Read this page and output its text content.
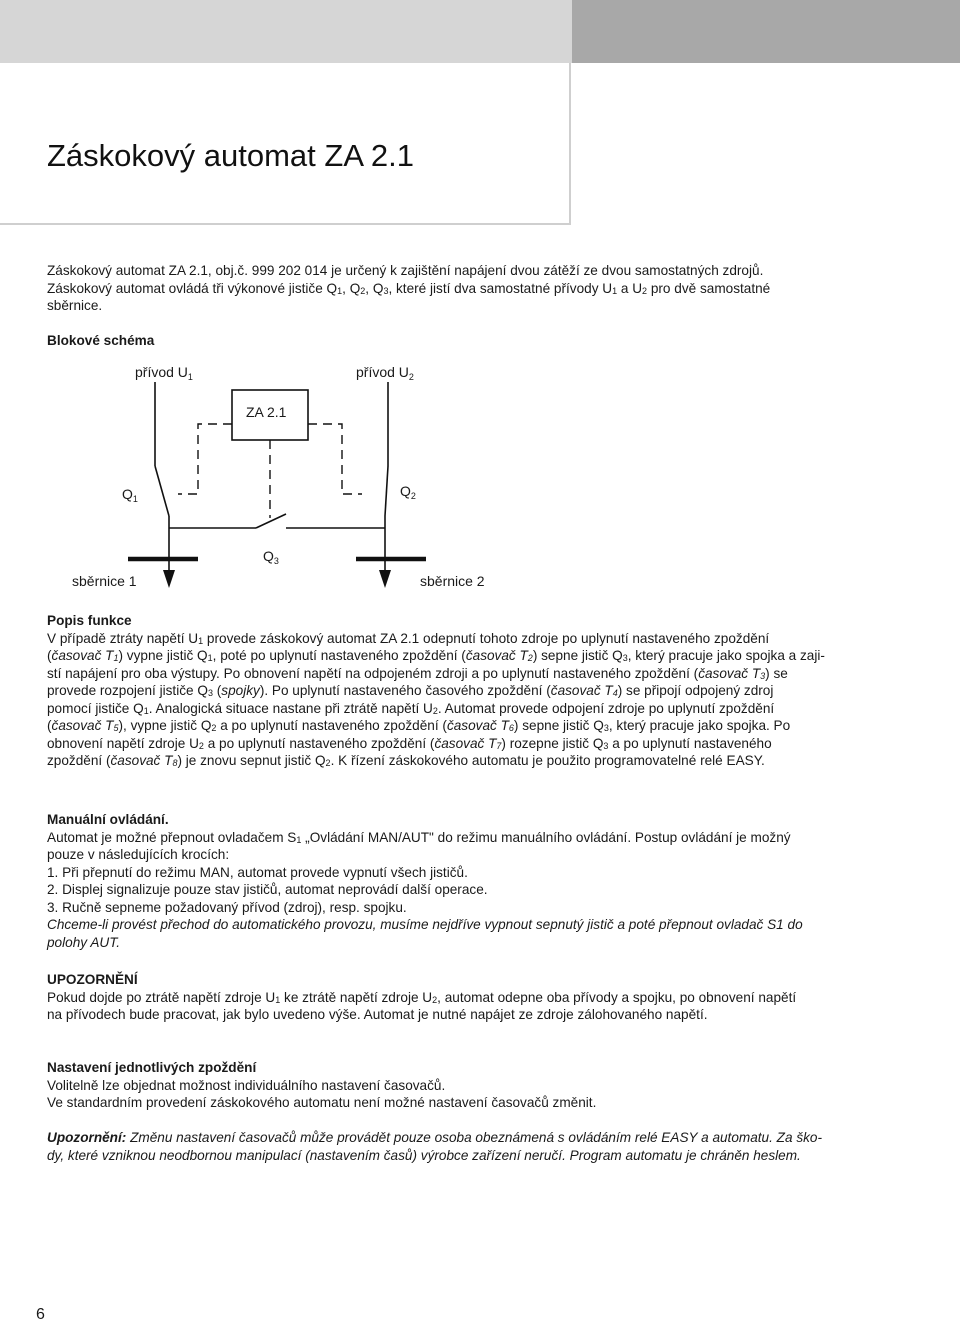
Záskokový automat ZA 2.1

Záskokový automat ZA 2.1, obj.č. 999 202 014 je určený k zajištění napájení dvou zátěží ze dvou samostatných zdrojů.

Záskokový automat ovládá tři výkonové jističe $Q_1$, $Q_2$, $Q_3$, které jistí dva samostatné přívody $U_1$ a $U_2$ pro dvě samostatné

sběrnice.

Blokové schéma

přívod $U_1$	přívod $U_2$
ZA 2.1
$Q_1$	$Q_2$
$Q_3$
sběrnice 1	sběrnice 2

Popis funkce

V případě ztráty napětí $U_1$ provede záskokový automat ZA 2.1 odepnutí tohoto zdroje po uplynutí nastaveného zpoždění

(časovač $T_1$) vypne jistič $Q_1$, poté po uplynutí nastaveného zpoždění (časovač $T_2$) sepne jistič $Q_3$, který pracuje jako spojka a zaji-

stí napájení pro oba výstupy. Po obnovení napětí na odpojeném zdroji a po uplynutí nastaveného zpoždění (časovač $T_3$) se

provede rozpojení jističe $Q_3$ (spojky). Po uplynutí nastaveného časového zpoždění (časovač $T_4$) se připojí odpojený zdroj

pomocí jističe $Q_1$. Analogická situace nastane při ztrátě napětí $U_2$. Automat provede odpojení zdroje po uplynutí zpoždění

(časovač $T_5$), vypne jistič $Q_2$ a po uplynutí nastaveného zpoždění (časovač $T_6$) sepne jistič $Q_3$, který pracuje jako spojka. Po

obnovení napětí zdroje $U_2$ a po uplynutí nastaveného zpoždění (časovač $T_7$) rozepne jistič $Q_3$ a po uplynutí nastaveného

zpoždění (časovač $T_8$) je znovu sepnut jistič $Q_2$. K řízení záskokového automatu je použito programovatelné relé EASY.

Manuální ovládání.

Automat je možné přepnout ovladačem $S_1$ „Ovládání MAN/AUT" do režimu manuálního ovládání. Postup ovládání je možný

pouze v následujících krocích:

1. Při přepnutí do režimu MAN, automat provede vypnutí všech jističů.

2. Displej signalizuje pouze stav jističů, automat neprovádí další operace.

3. Ručně sepneme požadovaný přívod (zdroj), resp. spojku.

Chceme-li provést přechod do automatického provozu, musíme nejdříve vypnout sepnutý jistič a poté přepnout ovladač S1 do

polohy AUT.

UPOZORNĚNÍ

Pokud dojde po ztrátě napětí zdroje $U_1$ ke ztrátě napětí zdroje $U_2$, automat odepne oba přívody a spojku, po obnovení napětí

na přívodech bude pracovat, jak bylo uvedeno výše. Automat je nutné napájet ze zdroje zálohovaného napětí.

Nastavení jednotlivých zpoždění

Volitelně lze objednat možnost individuálního nastavení časovačů.

Ve standardním provedení záskokového automatu není možné nastavení časovačů změnit.

Upozornění: Změnu nastavení časovačů může provádět pouze osoba obeznámená s ovládáním relé EASY a automatu. Za ško-

dy, které vzniknou neodbornou manipulací (nastavením časů) výrobce zařízení neručí. Program automatu je chráněn heslem.

6
